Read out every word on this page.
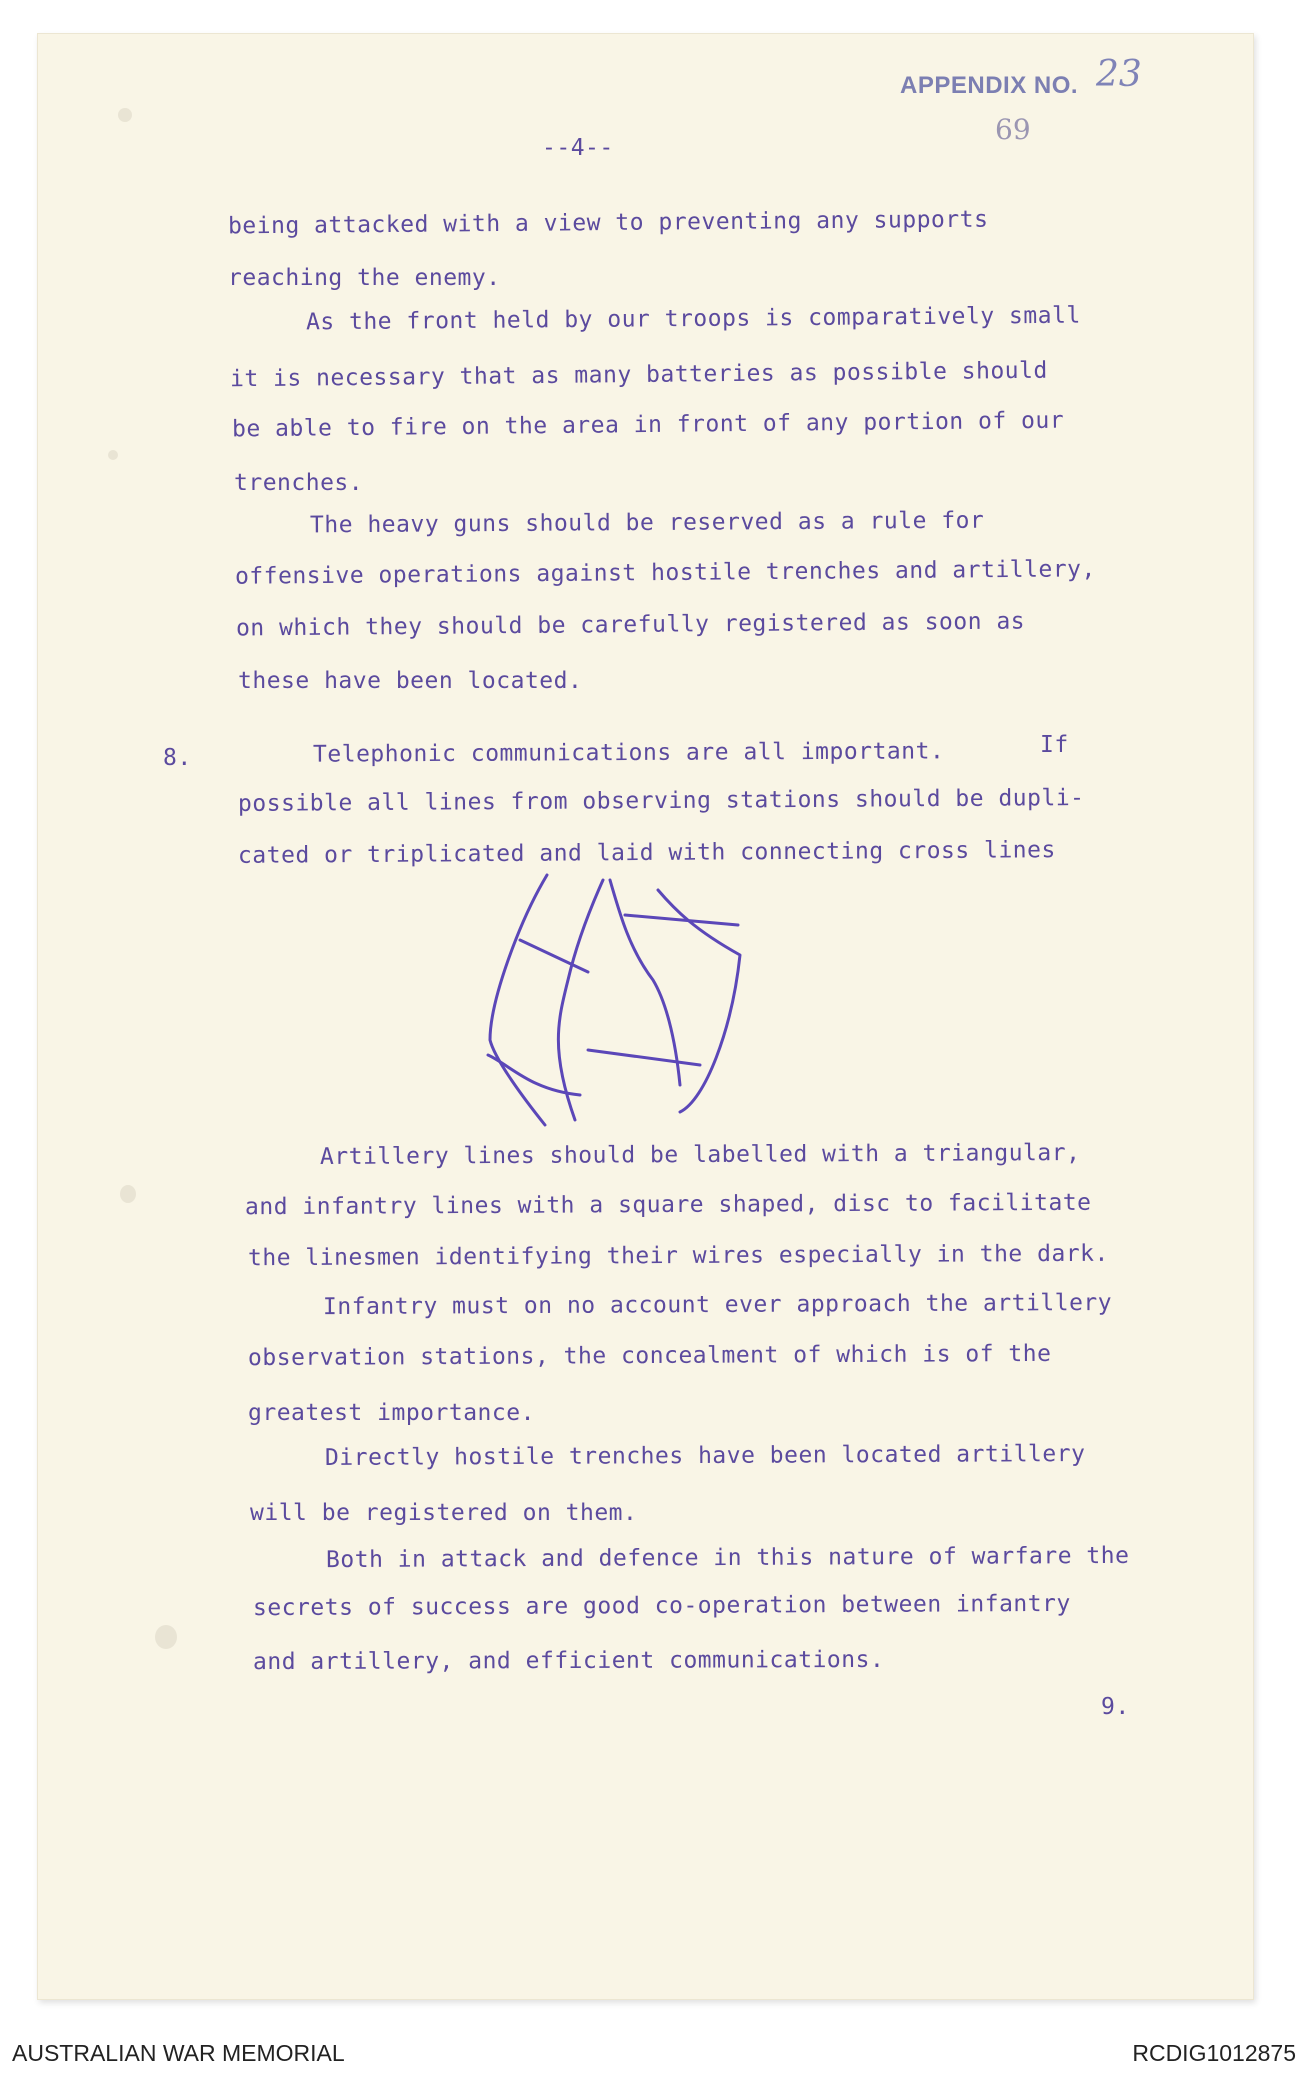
APPENDIX NO. 23
69
--4--
being attacked with a view to preventing any supports
reaching the enemy.
As the front held by our troops is comparatively small
it is necessary that as many batteries as possible should
be able to fire on the area in front of any portion of our
trenches.
The heavy guns should be reserved as a rule for
offensive operations against hostile trenches and artillery,
on which they should be carefully registered as soon as
these have been located.
8.	Telephonic communications are all important.	If
possible all lines from observing stations should be dupli-
cated or triplicated and laid with connecting cross lines
Artillery lines should be labelled with a triangular,
and infantry lines with a square shaped, disc to facilitate
the linesmen identifying their wires especially in the dark.
Infantry must on no account ever approach the artillery
observation stations, the concealment of which is of the
greatest importance.
Directly hostile trenches have been located artillery
will be registered on them.
Both in attack and defence in this nature of warfare the
secrets of success are good co-operation between infantry
and artillery, and efficient communications.
9.
AUSTRALIAN WAR MEMORIAL	RCDIG1012875
